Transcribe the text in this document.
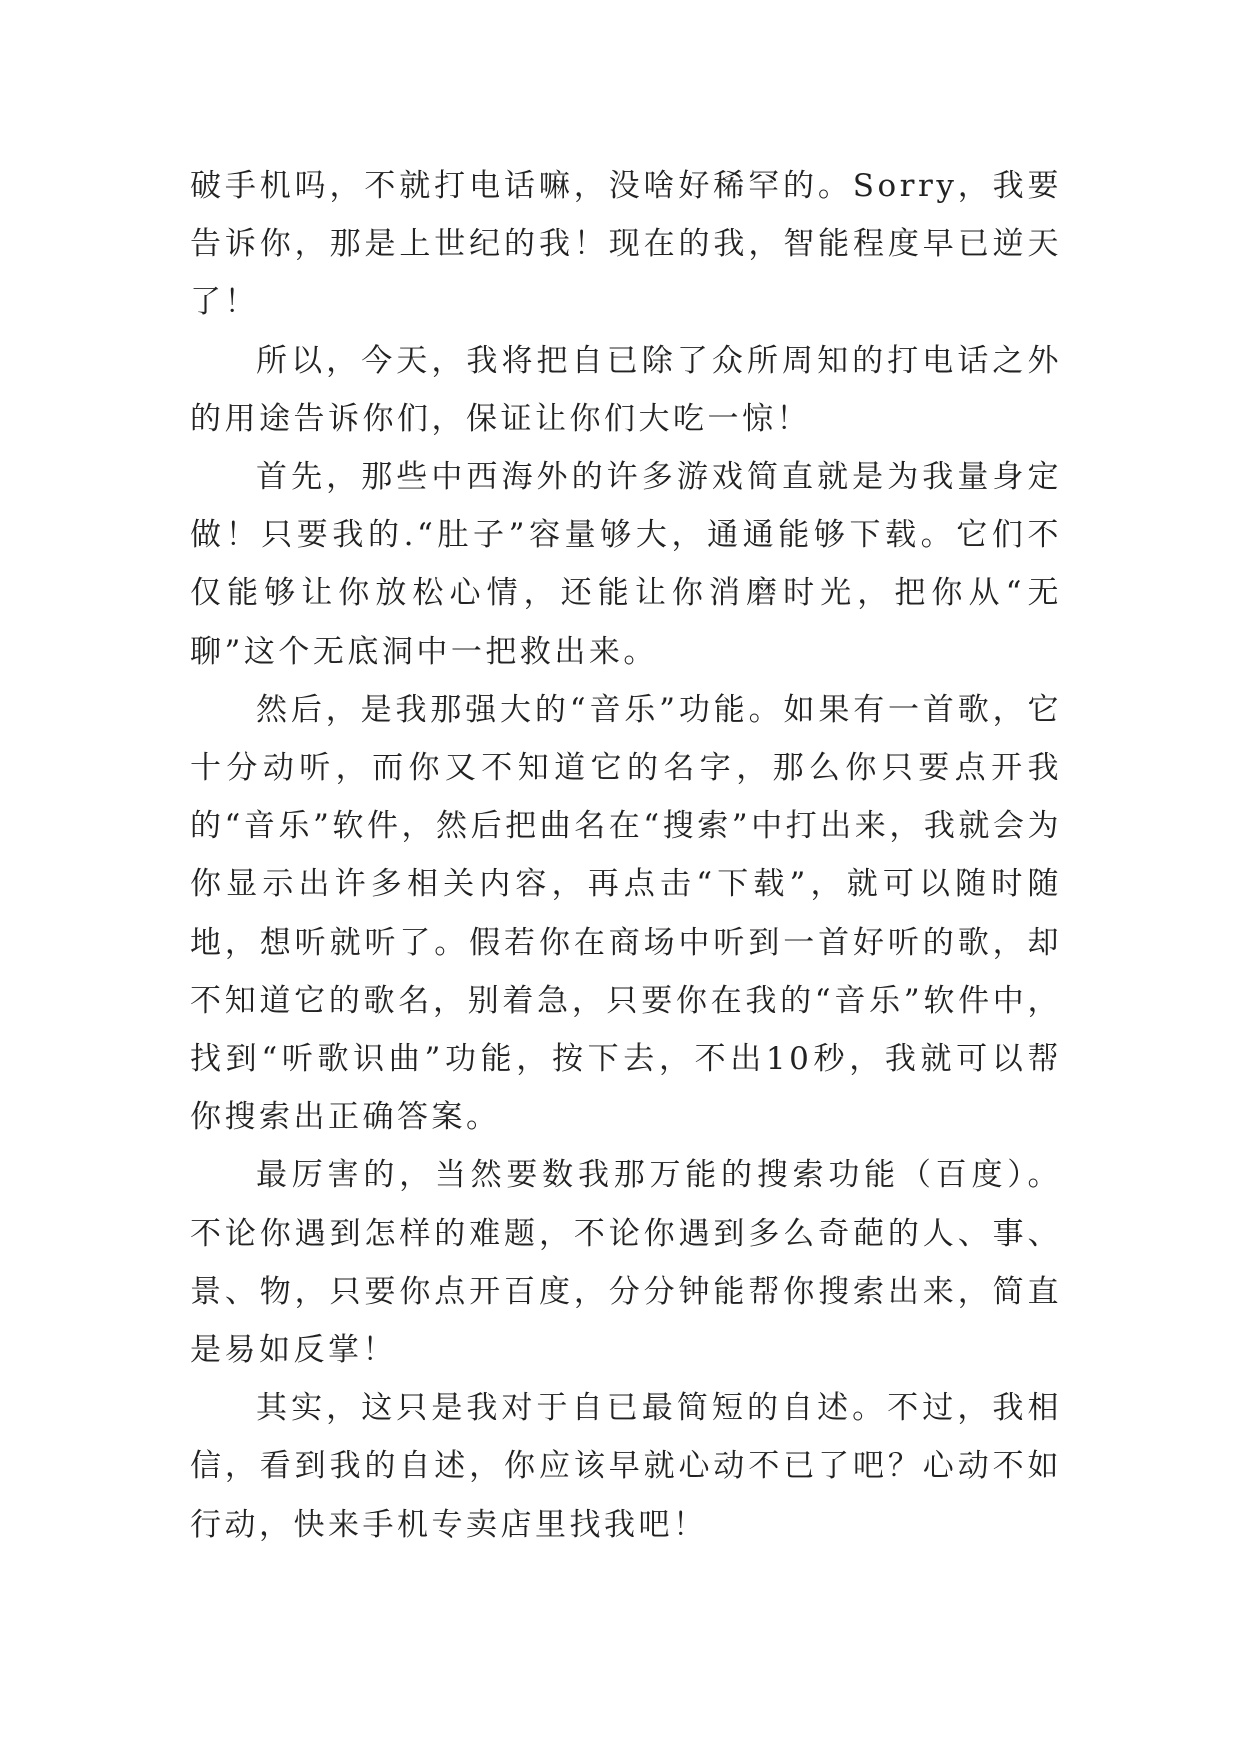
破手机吗，不就打电话嘛，没啥好稀罕的。Sorry，我要告诉你，那是上世纪的我！现在的我，智能程度早已逆天了！

所以，今天，我将把自已除了众所周知的打电话之外的用途告诉你们，保证让你们大吃一惊！

首先，那些中西海外的许多游戏简直就是为我量身定做！只要我的.“肚子”容量够大，通通能够下载。它们不仅能够让你放松心情，还能让你消磨时光，把你从“无聊”这个无底洞中一把救出来。

然后，是我那强大的“音乐”功能。如果有一首歌，它十分动听，而你又不知道它的名字，那么你只要点开我的“音乐”软件，然后把曲名在“搜索”中打出来，我就会为你显示出许多相关内容，再点击“下载”，就可以随时随地，想听就听了。假若你在商场中听到一首好听的歌，却不知道它的歌名，别着急，只要你在我的“音乐”软件中，找到“听歌识曲”功能，按下去，不出10秒，我就可以帮你搜索出正确答案。

最厉害的，当然要数我那万能的搜索功能（百度）。不论你遇到怎样的难题，不论你遇到多么奇葩的人、事、景、物，只要你点开百度，分分钟能帮你搜索出来，简直是易如反掌！

其实，这只是我对于自已最简短的自述。不过，我相信，看到我的自述，你应该早就心动不已了吧？心动不如行动，快来手机专卖店里找我吧！
